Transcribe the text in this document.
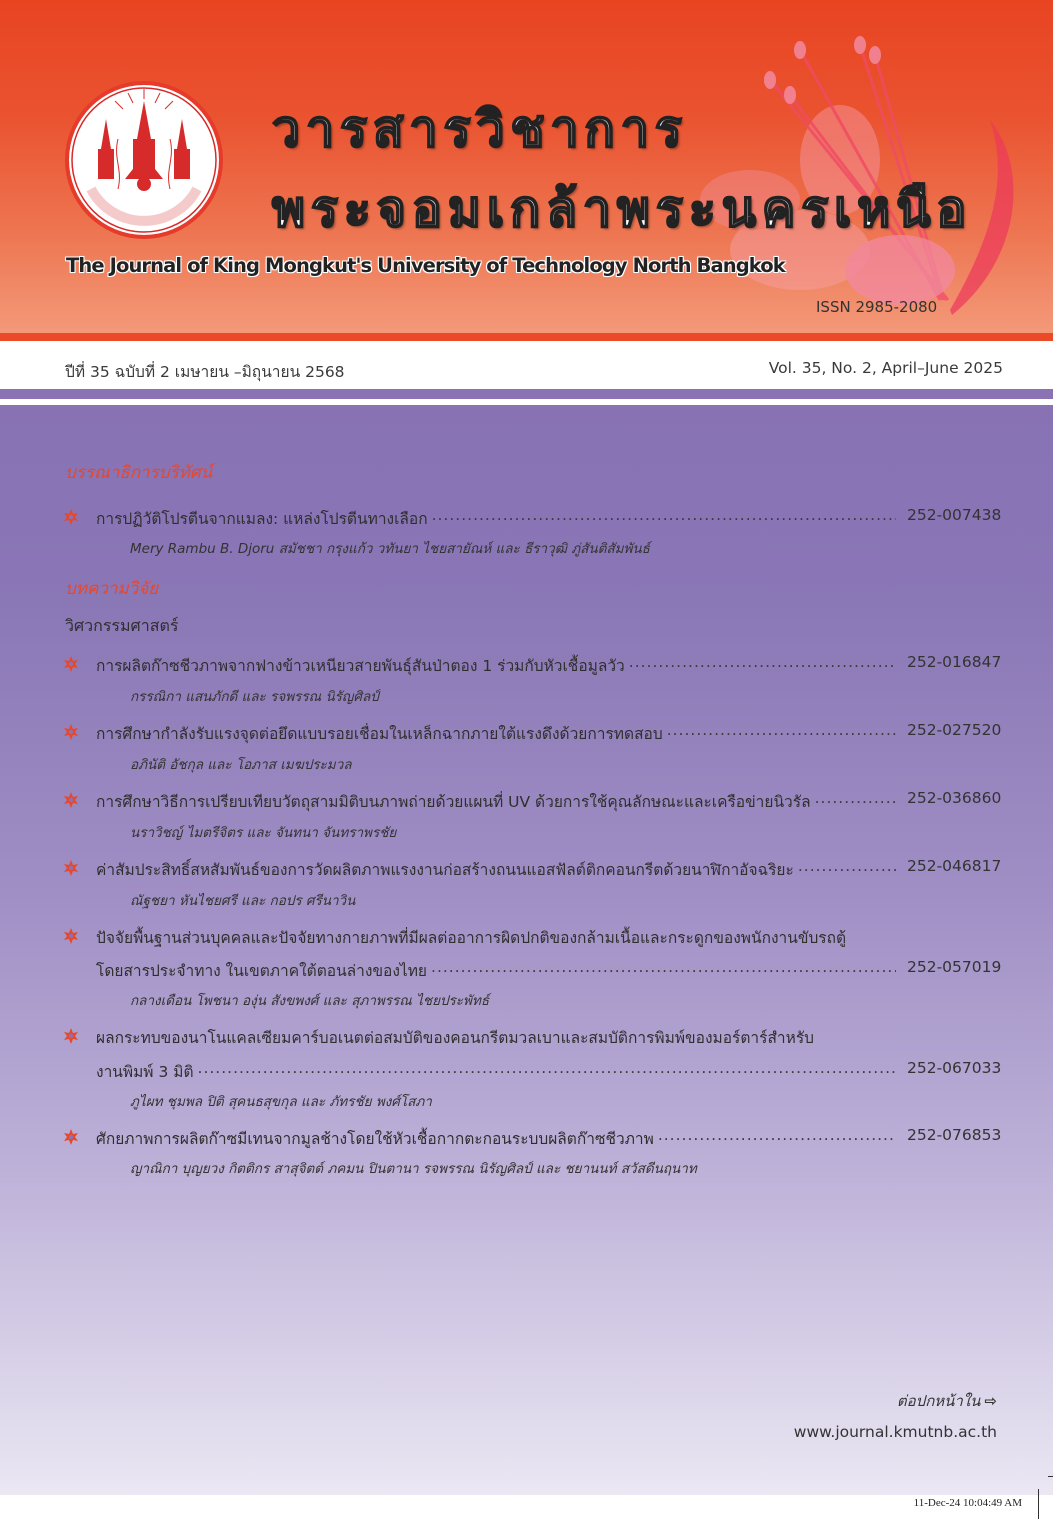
วารสารวิชาการ
พระจอมเกล้าพระนครเหนือ
The Journal of King Mongkut's University of Technology North Bangkok
ISSN 2985-2080
ปีที่ 35 ฉบับที่ 2 เมษายน –มิถุนายน 2568	Vol. 35, No. 2, April–June 2025
บรรณาธิการบริทัศน์
การปฏิวัติโปรตีนจากแมลง: แหล่งโปรตีนทางเลือก .....	252-007438
Mery Rambu B. Djoru สมัชชา กรุงแก้ว วทันยา ไชยสายัณห์ และ ธีราวุฒิ ภู่สันติสัมพันธ์
บทความวิจัย
วิศวกรรมศาสตร์
การผลิตก๊าซชีวภาพจากฟางข้าวเหนียวสายพันธุ์สันป่าตอง 1 ร่วมกับหัวเชื้อมูลวัว .....	252-016847
กรรณิกา แสนภักดี และ รจพรรณ นิรัญศิลป์
การศึกษากำลังรับแรงจุดต่อยึดแบบรอยเชื่อมในเหล็กฉากภายใต้แรงดึงด้วยการทดสอบ .....	252-027520
อภินัติ อัชกุล และ โอภาส เมฆประมวล
การศึกษาวิธีการเปรียบเทียบวัตถุสามมิติบนภาพถ่ายด้วยแผนที่ UV ด้วยการใช้คุณลักษณะและเครือข่ายนิวรัล .....	252-036860
นราวิชญ์ ไมตรีจิตร และ จันทนา จันทราพรชัย
ค่าสัมประสิทธิ์สหสัมพันธ์ของการวัดผลิตภาพแรงงานก่อสร้างถนนแอสฟัลต์ติกคอนกรีตด้วยนาฬิกาอัจฉริยะ .....	252-046817
ณัฐชยา หันไชยศรี และ กอปร ศรีนาวิน
ปัจจัยพื้นฐานส่วนบุคคลและปัจจัยทางกายภาพที่มีผลต่ออาการผิดปกติของกล้ามเนื้อและกระดูกของพนักงานขับรถตู้
โดยสารประจำทาง ในเขตภาคใต้ตอนล่างของไทย .....	252-057019
กลางเดือน โพชนา องุ่น สังขพงศ์ และ สุภาพรรณ ไชยประพัทธ์
ผลกระทบของนาโนแคลเซียมคาร์บอเนตต่อสมบัติของคอนกรีตมวลเบาและสมบัติการพิมพ์ของมอร์ตาร์สำหรับ
งานพิมพ์ 3 มิติ .....	252-067033
ภูไผท ชุมพล ปิติ สุคนธสุขกุล และ ภัทรชัย พงศ์โสภา
ศักยภาพการผลิตก๊าซมีเทนจากมูลช้างโดยใช้หัวเชื้อกากตะกอนระบบผลิตก๊าซชีวภาพ .....	252-076853
ญาณิกา บุญยวง กิตติกร สาสุจิตต์ ภคมน ปินตานา รจพรรณ นิรัญศิลป์ และ ชยานนท์ สวัสดีนฤนาท
ต่อปกหน้าใน ⇨
www.journal.kmutnb.ac.th
11-Dec-24 10:04:49 AM
